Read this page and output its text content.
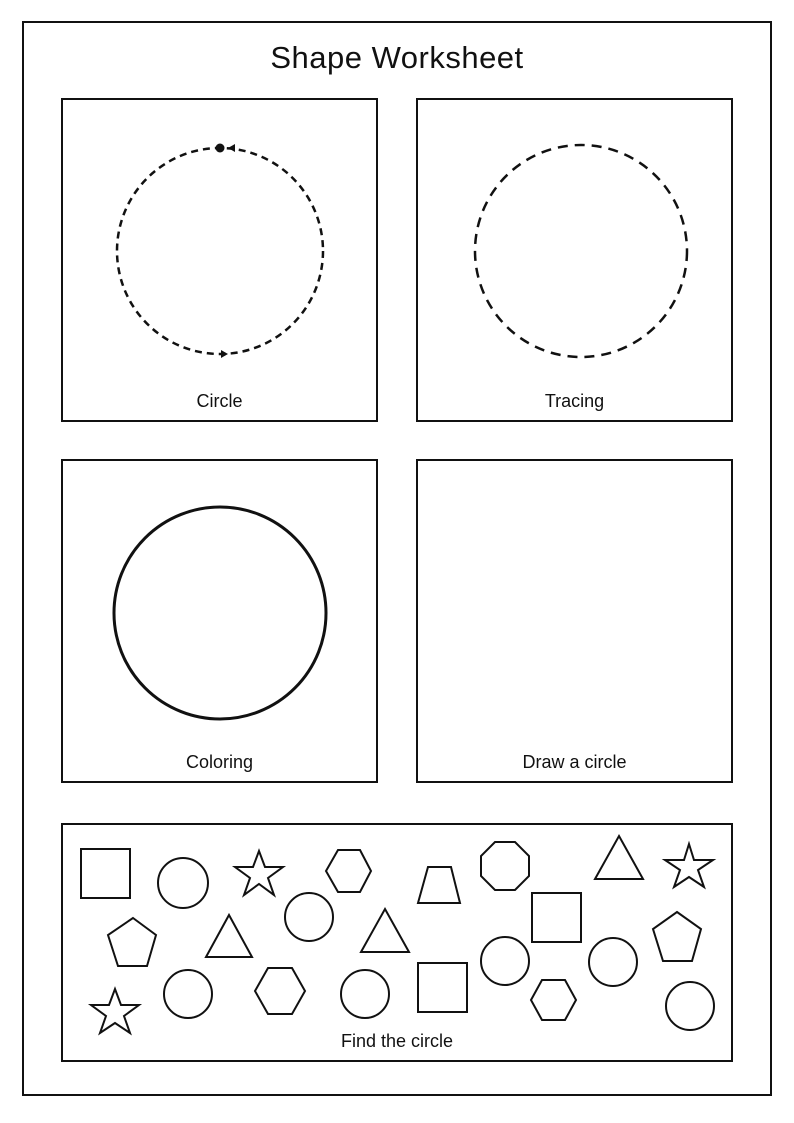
Shape Worksheet
Circle	Tracing
Coloring	Draw a circle
Find the circle
